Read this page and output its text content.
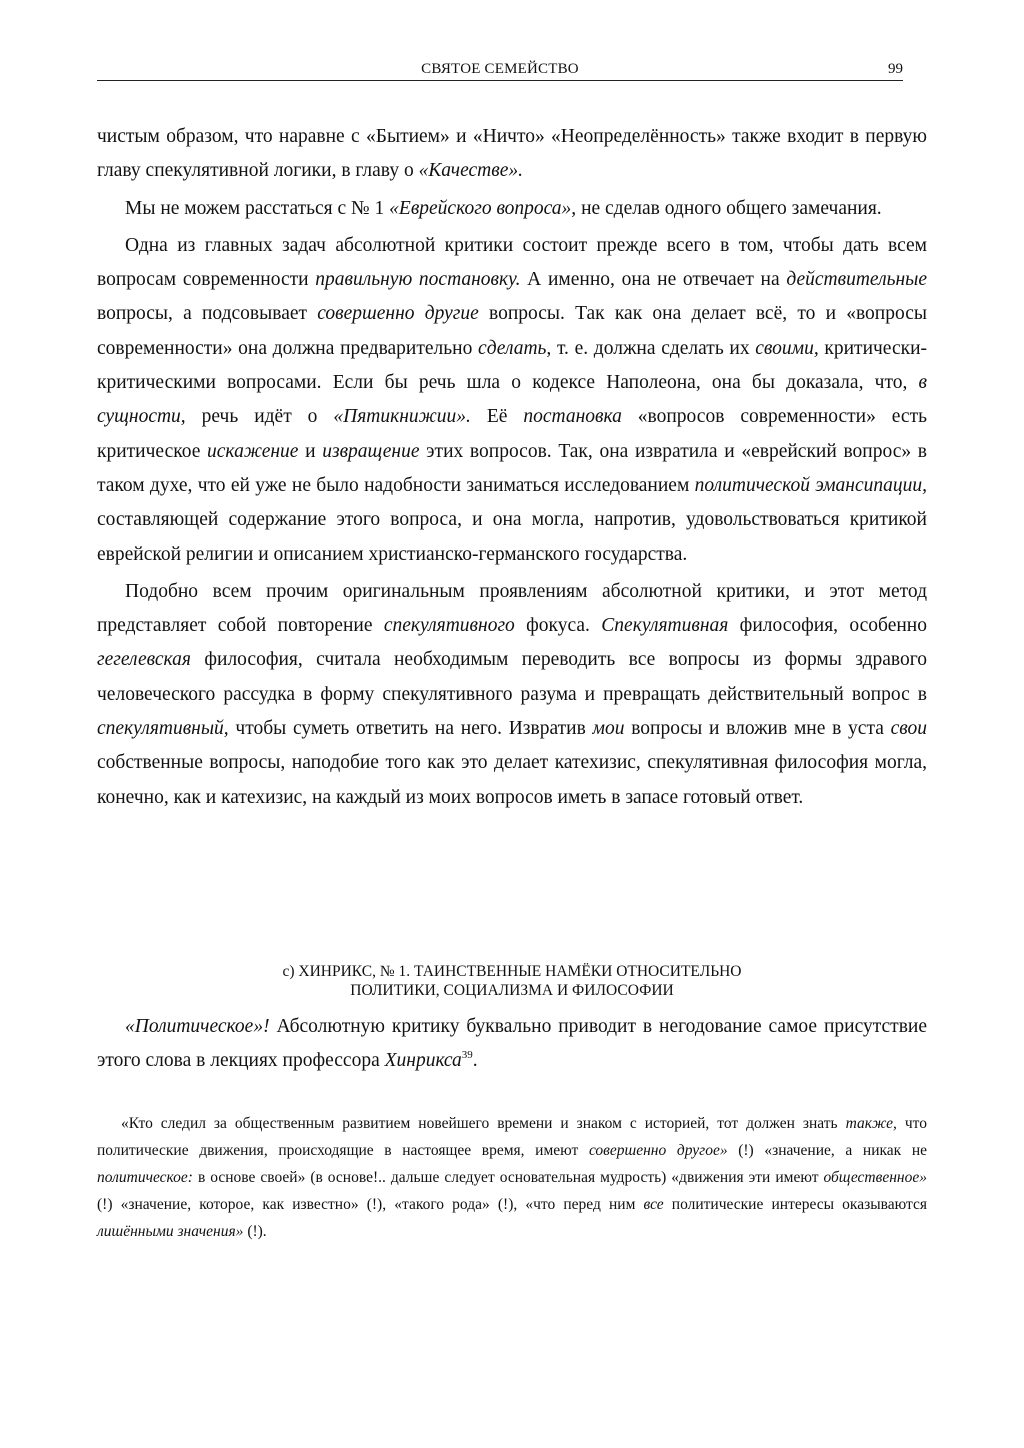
СВЯТОЕ СЕМЕЙСТВО	99

чистым образом, что наравне с «Бытием» и «Ничто» «Неопределённость» также входит в первую главу спекулятивной логики, в главу о «Качестве».

Мы не можем расстаться с № 1 «Еврейского вопроса», не сделав одного общего замечания.

Одна из главных задач абсолютной критики состоит прежде всего в том, чтобы дать всем вопросам современности правильную постановку. А именно, она не отвечает на действительные вопросы, а подсовывает совершенно другие вопросы. Так как она делает всё, то и «вопросы современности» она должна предварительно сделать, т. е. должна сделать их своими, критически-критическими вопросами. Если бы речь шла о кодексе Наполеона, она бы доказала, что, в сущности, речь идёт о «Пятикнижии». Её постановка «вопросов современности» есть критическое искажение и извращение этих вопросов. Так, она извратила и «еврейский вопрос» в таком духе, что ей уже не было надобности заниматься исследованием политической эмансипации, составляющей содержание этого вопроса, и она могла, напротив, удовольствоваться критикой еврейской религии и описанием христианско-германского государства.

Подобно всем прочим оригинальным проявлениям абсолютной критики, и этот метод представляет собой повторение спекулятивного фокуса. Спекулятивная философия, особенно гегелевская философия, считала необходимым переводить все вопросы из формы здравого человеческого рассудка в форму спекулятивного разума и превращать действительный вопрос в спекулятивный, чтобы суметь ответить на него. Извратив мои вопросы и вложив мне в уста свои собственные вопросы, наподобие того как это делает катехизис, спекулятивная философия могла, конечно, как и катехизис, на каждый из моих вопросов иметь в запасе готовый ответ.

c) ХИНРИКС, № 1. ТАИНСТВЕННЫЕ НАМЁКИ ОТНОСИТЕЛЬНО
ПОЛИТИКИ, СОЦИАЛИЗМА И ФИЛОСОФИИ

«Политическое»! Абсолютную критику буквально приводит в негодование самое присутствие этого слова в лекциях профессора Хинрикса$^{39}$.

«Кто следил за общественным развитием новейшего времени и знаком с историей, тот должен знать также, что политические движения, происходящие в настоящее время, имеют совершенно другое» (!) «значение, а никак не политическое: в основе своей» (в основе!.. дальше следует основательная мудрость) «движения эти имеют общественное» (!) «значение, которое, как известно» (!), «такого рода» (!), «что перед ним все политические интересы оказываются лишёнными значения» (!).
